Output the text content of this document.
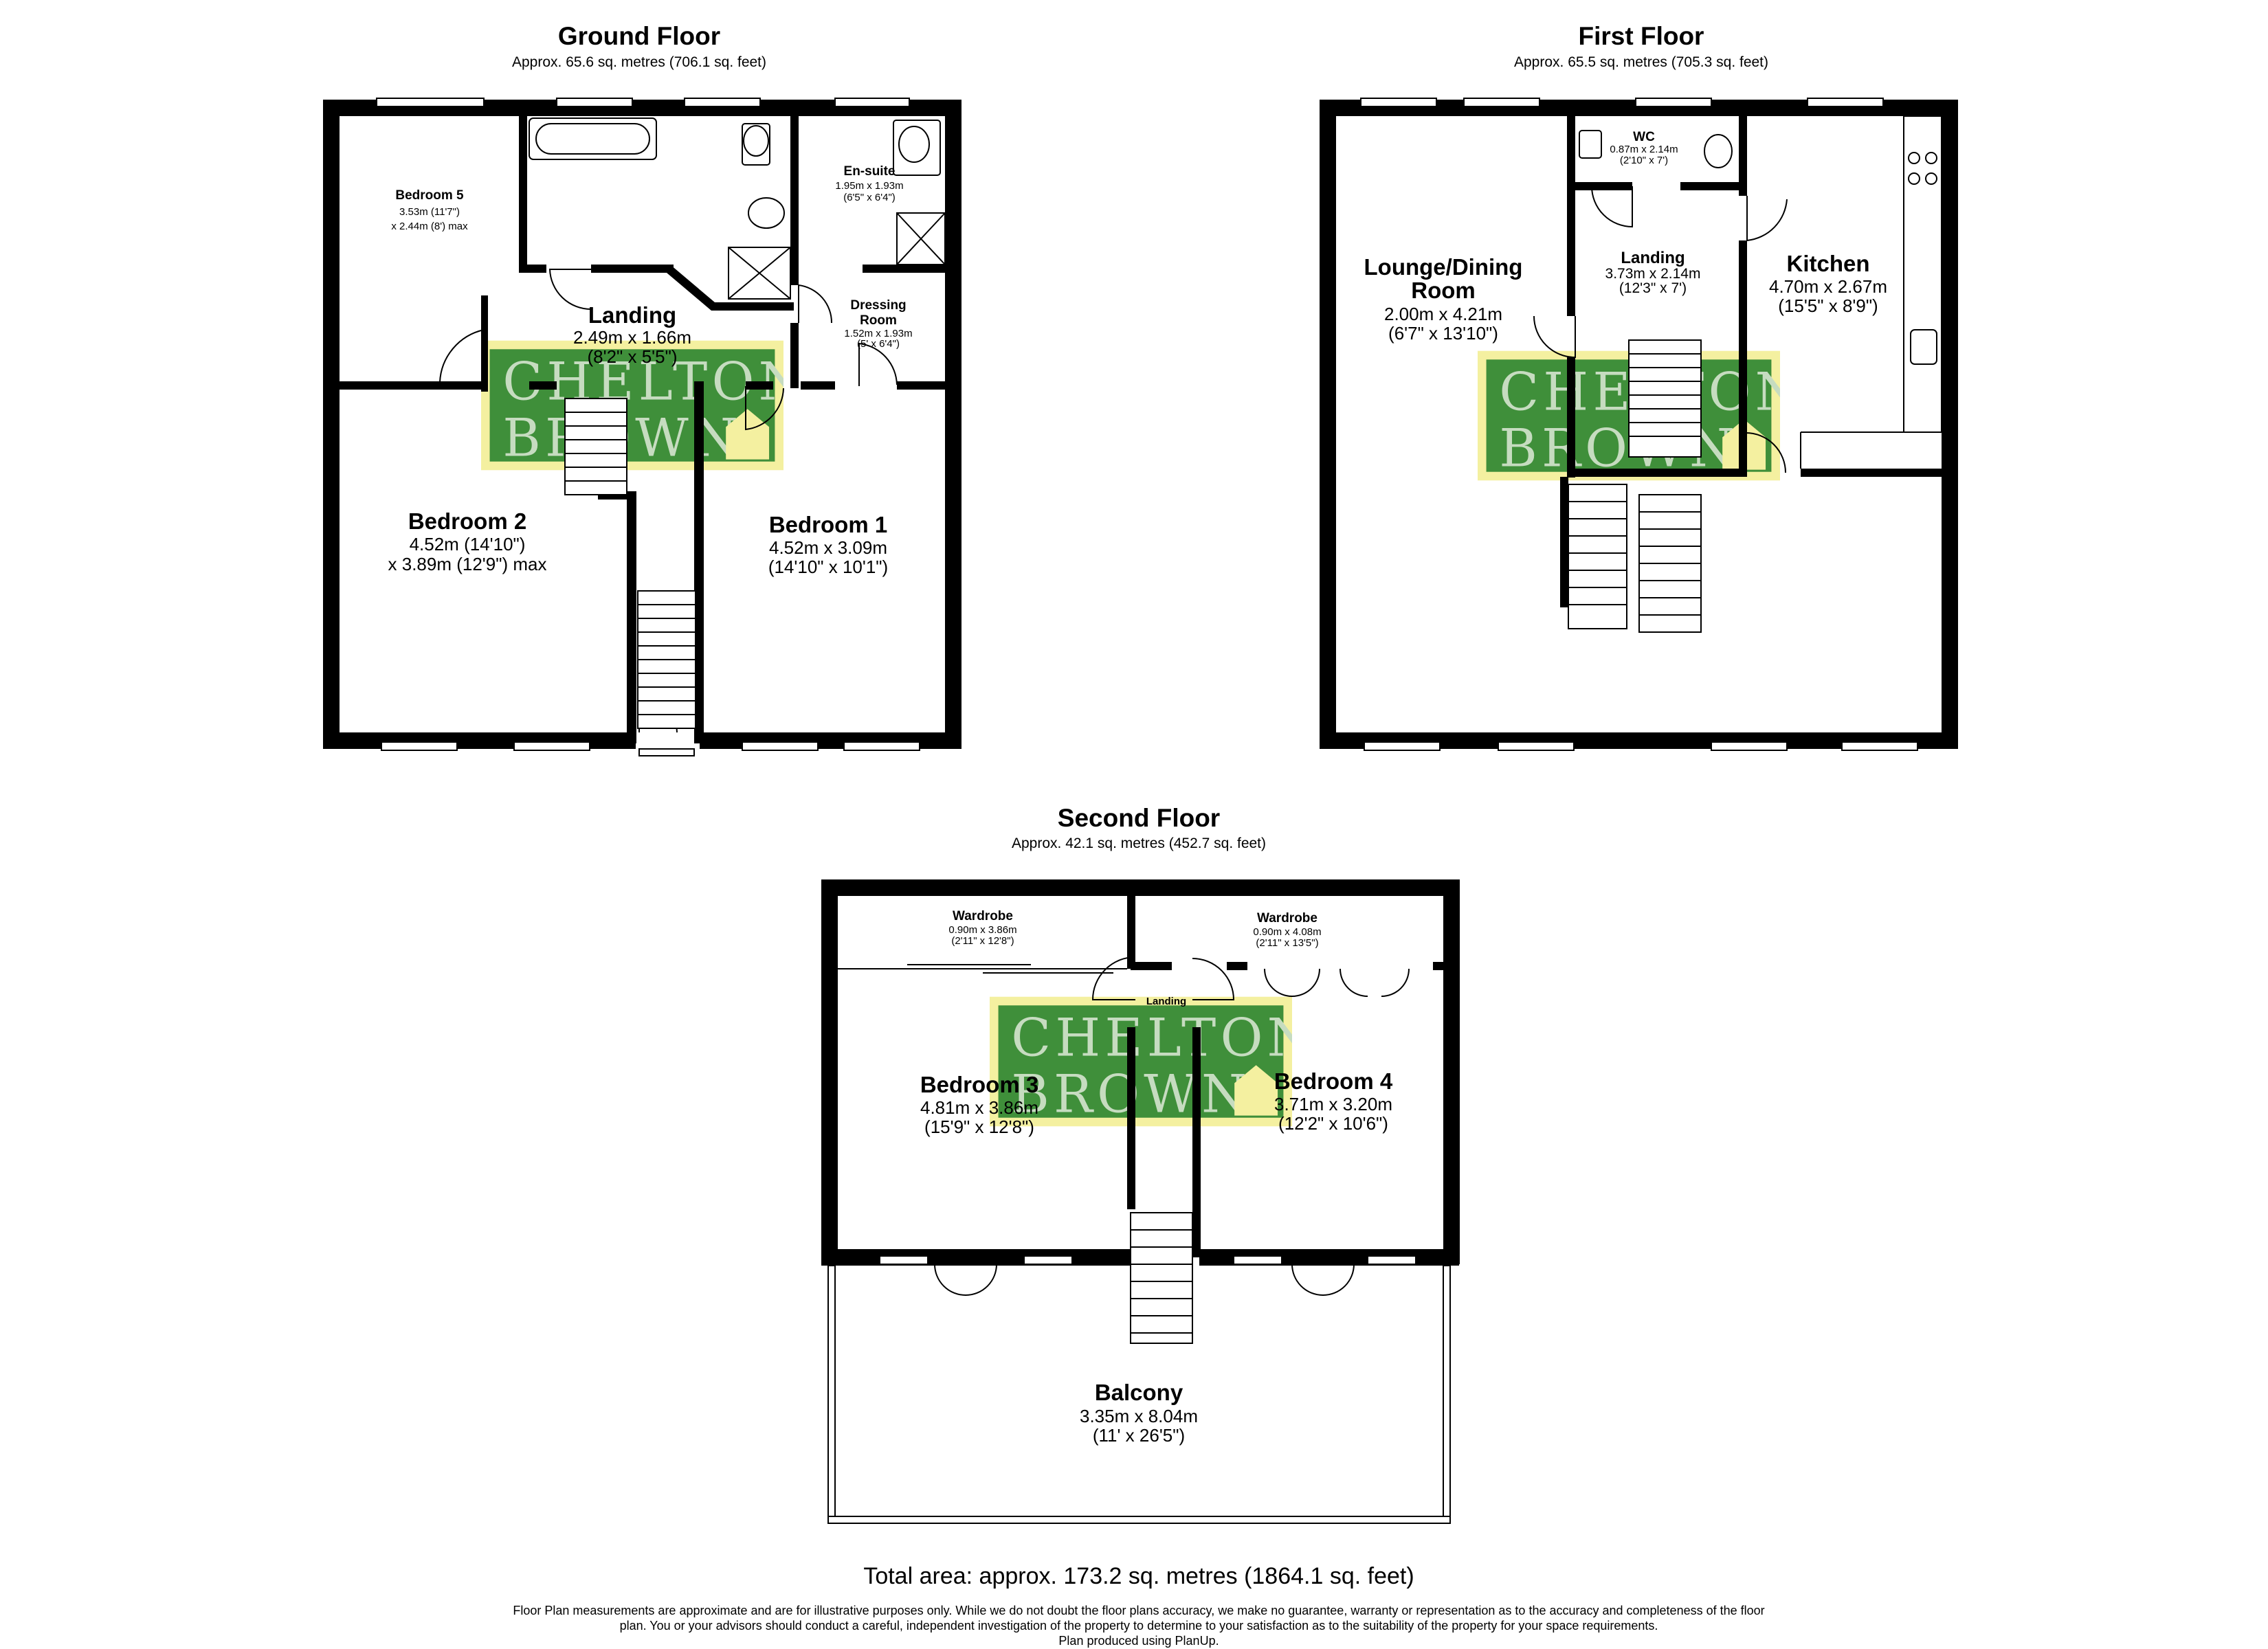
Ground Floor
Approx. 65.6 sq. metres (706.1 sq. feet)
First Floor
Approx. 65.5 sq. metres (705.3 sq. feet)
Second Floor
Approx. 42.1 sq. metres (452.7 sq. feet)
Bedroom 5
3.53m (11'7")
x 2.44m (8') max
En-suite
1.95m x 1.93m
(6'5" x 6'4")
Landing
2.49m x 1.66m
(8'2" x 5'5")
Dressing
Room
1.52m x 1.93m
(5' x 6'4")
Bedroom 2
4.52m (14'10")
x 3.89m (12'9") max
Bedroom 1
4.52m x 3.09m
(14'10" x 10'1")
Lounge/Dining
Room
2.00m x 4.21m
(6'7" x 13'10")
WC
0.87m x 2.14m
(2'10" x 7')
Landing
3.73m x 2.14m
(12'3" x 7')
Kitchen
4.70m x 2.67m
(15'5" x 8'9")
Wardrobe
0.90m x 3.86m
(2'11" x 12'8")
Wardrobe
0.90m x 4.08m
(2'11" x 13'5")
Landing
Bedroom 3
4.81m x 3.86m
(15'9" x 12'8")
Bedroom 4
3.71m x 3.20m
(12'2" x 10'6")
Balcony
3.35m x 8.04m
(11' x 26'5")
Total area: approx. 173.2 sq. metres (1864.1 sq. feet)
Floor Plan measurements are approximate and are for illustrative purposes only. While we do not doubt the floor plans accuracy, we make no guarantee, warranty or representation as to the accuracy and completeness of the floor
plan. You or your advisors should conduct a careful, independent investigation of the property to determine to your satisfaction as to the suitability of the property for your space requirements.
Plan produced using PlanUp.
